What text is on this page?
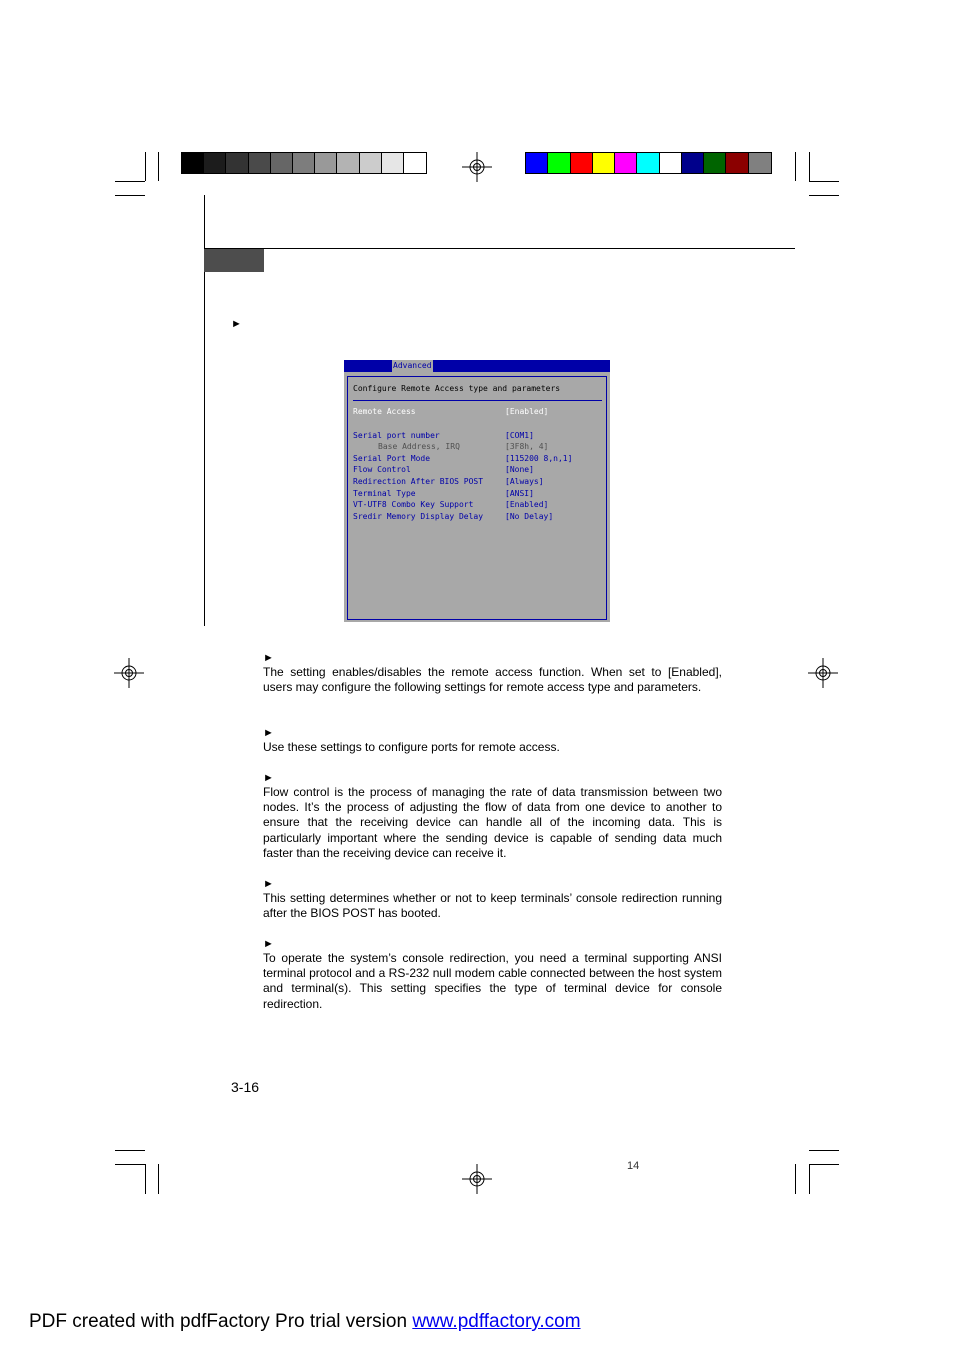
►
Advanced
Configure Remote Access type and parameters
Remote Access	[Enabled]
Serial port number	[COM1]
Base Address, IRQ	[3F8h, 4]
Serial Port Mode	[115200 8,n,1]
Flow Control	[None]
Redirection After BIOS POST	[Always]
Terminal Type	[ANSI]
VT-UTF8 Combo Key Support	[Enabled]
Sredir Memory Display Delay	[No Delay]
►

The setting enables/disables the remote access function. When set to [Enabled], users may configure the following settings for remote access type and parameters.

►

Use these settings to configure ports for remote access.

►

Flow control is the process of managing the rate of data transmission between two nodes. It’s the process of adjusting the flow of data from one device to another to ensure that the receiving device can handle all of the incoming data. This is particularly important where the sending device is capable of sending data much faster than the receiving device can receive it.

►

This setting determines whether or not to keep terminals’ console redirection running after the BIOS POST has booted.

►

To operate the system’s console redirection, you need a terminal supporting ANSI terminal protocol and a RS-232 null modem cable connected between the host system and terminal(s). This setting specifies the type of terminal device for console redirection.

3-16
14
PDF created with pdfFactory Pro trial version www.pdffactory.com
